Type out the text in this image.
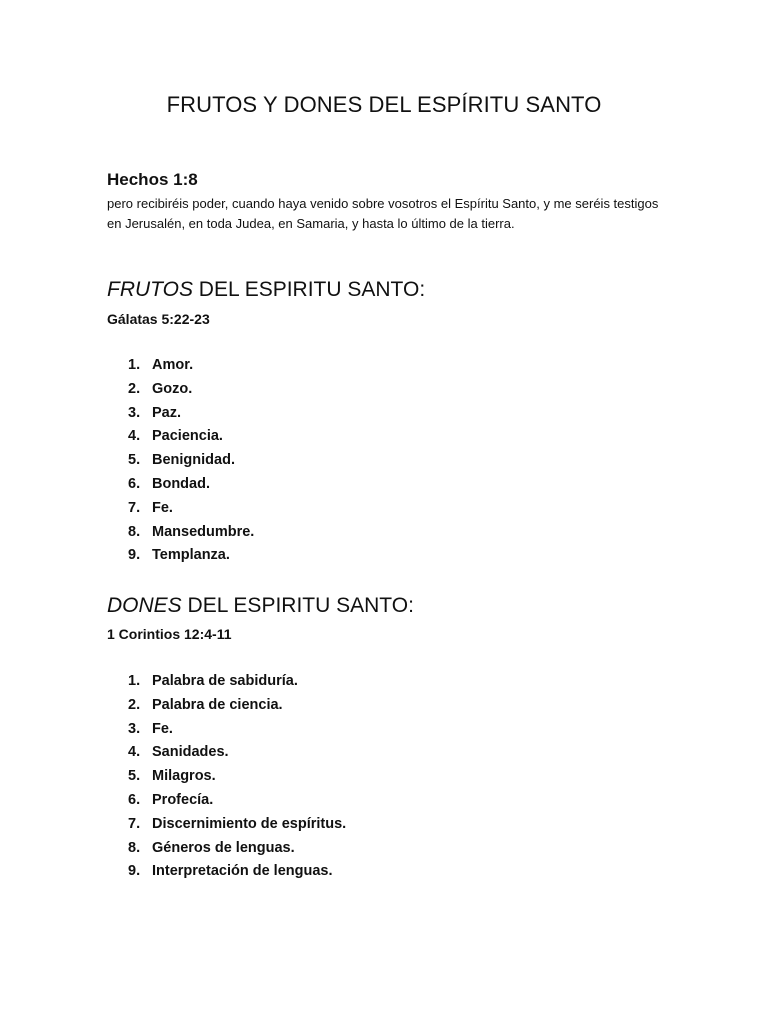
FRUTOS Y DONES DEL ESPÍRITU SANTO
Hechos 1:8

pero recibiréis poder, cuando haya venido sobre vosotros el Espíritu Santo, y me seréis testigos en Jerusalén, en toda Judea, en Samaria, y hasta lo último de la tierra.

FRUTOS DEL ESPIRITU SANTO:

Gálatas 5:22-23

1. Amor.
2. Gozo.
3. Paz.
4. Paciencia.
5. Benignidad.
6. Bondad.
7. Fe.
8. Mansedumbre.
9. Templanza.
DONES DEL ESPIRITU SANTO:

1 Corintios 12:4-11

1. Palabra de sabiduría.
2. Palabra de ciencia.
3. Fe.
4. Sanidades.
5. Milagros.
6. Profecía.
7. Discernimiento de espíritus.
8. Géneros de lenguas.
9. Interpretación de lenguas.
